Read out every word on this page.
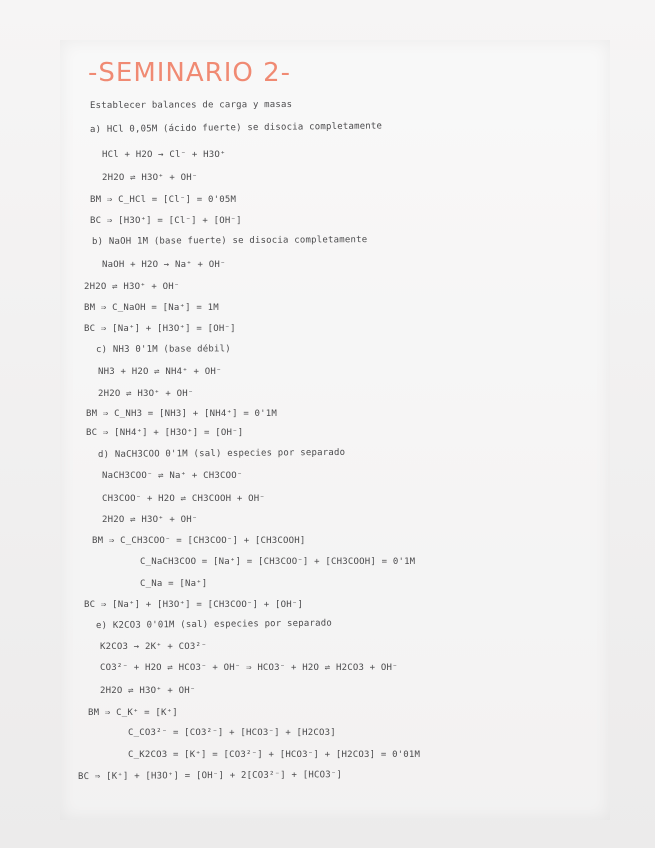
-SEMINARIO 2-
Establecer balances de carga y masas
a) HCl 0,05M (ácido fuerte) se disocia completamente
HCl + H2O → Cl⁻ + H3O⁺
2H2O ⇌ H3O⁺ + OH⁻
BM ⇒ C_HCl = [Cl⁻] = 0'05M
BC ⇒ [H3O⁺] = [Cl⁻] + [OH⁻]
b) NaOH 1M (base fuerte) se disocia completamente
NaOH + H2O → Na⁺ + OH⁻
2H2O ⇌ H3O⁺ + OH⁻
BM ⇒ C_NaOH = [Na⁺] = 1M
BC ⇒ [Na⁺] + [H3O⁺] = [OH⁻]
c) NH3 0'1M (base débil)
NH3 + H2O ⇌ NH4⁺ + OH⁻
2H2O ⇌ H3O⁺ + OH⁻
BM ⇒ C_NH3 = [NH3] + [NH4⁺] = 0'1M
BC ⇒ [NH4⁺] + [H3O⁺] = [OH⁻]
d) NaCH3COO 0'1M (sal) especies por separado
NaCH3COO⁻ ⇌ Na⁺ + CH3COO⁻
CH3COO⁻ + H2O ⇌ CH3COOH + OH⁻
2H2O ⇌ H3O⁺ + OH⁻
BM ⇒ C_CH3COO⁻ = [CH3COO⁻] + [CH3COOH]
C_NaCH3COO = [Na⁺] = [CH3COO⁻] + [CH3COOH] = 0'1M
C_Na = [Na⁺]
BC ⇒ [Na⁺] + [H3O⁺] = [CH3COO⁻] + [OH⁻]
e) K2CO3 0'01M (sal) especies por separado
K2CO3 → 2K⁺ + CO3²⁻
CO3²⁻ + H2O ⇌ HCO3⁻ + OH⁻ ⇒ HCO3⁻ + H2O ⇌ H2CO3 + OH⁻
2H2O ⇌ H3O⁺ + OH⁻
BM ⇒ C_K⁺ = [K⁺]
C_CO3²⁻ = [CO3²⁻] + [HCO3⁻] + [H2CO3]
C_K2CO3 = [K⁺] = [CO3²⁻] + [HCO3⁻] + [H2CO3] = 0'01M
BC ⇒ [K⁺] + [H3O⁺] = [OH⁻] + 2[CO3²⁻] + [HCO3⁻]
